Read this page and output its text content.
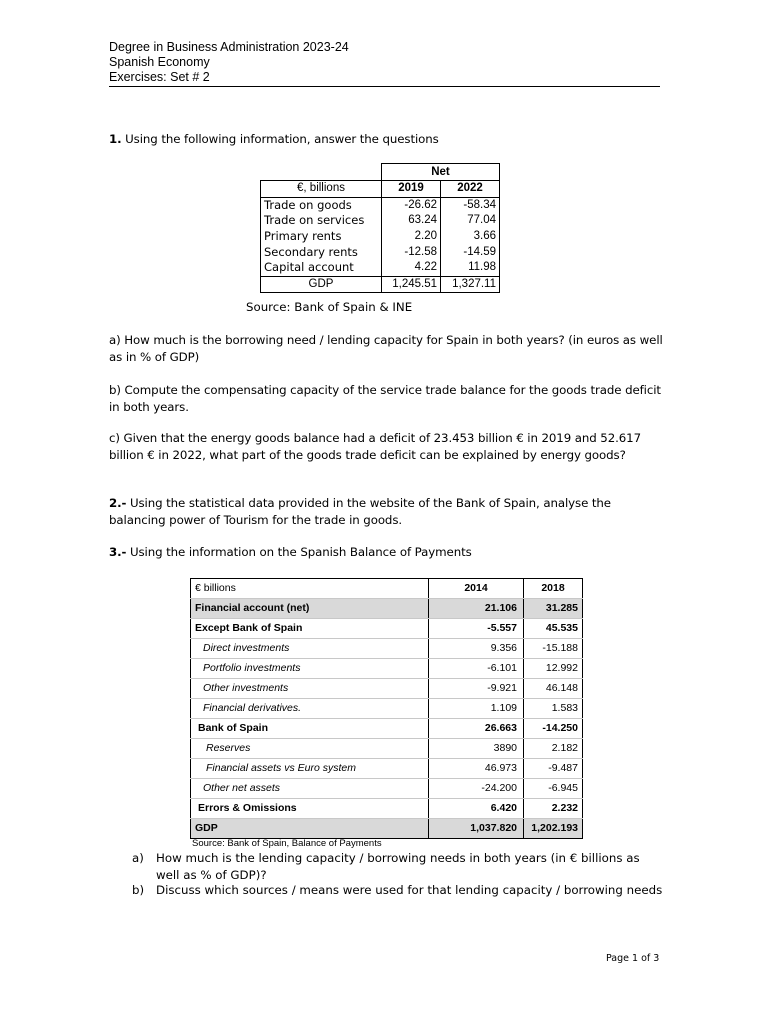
Degree in Business Administration 2023-24
Spanish Economy
Exercises: Set # 2
1. Using the following information, answer the questions
	Net	
€, billions	2019	2022
Trade on goods	-26.62	-58.34
Trade on services	63.24	77.04
Primary rents	2.20	3.66
Secondary rents	-12.58	-14.59
Capital account	4.22	11.98
GDP	1,245.51	1,327.11
Source: Bank of Spain & INE
a) How much is the borrowing need / lending capacity for Spain in both years? (in euros as well as in % of GDP)
b) Compute the compensating capacity of the service trade balance for the goods trade deficit in both years.
c) Given that the energy goods balance had a deficit of 23.453 billion € in 2019 and 52.617 billion € in 2022, what part of the goods trade deficit can be explained by energy goods?
2.- Using the statistical data provided in the website of the Bank of Spain, analyse the balancing power of Tourism for the trade in goods.
3.- Using the information on the Spanish Balance of Payments
€ billions	2014	2018
Financial account (net)	21.106	31.285
Except Bank of Spain	-5.557	45.535
Direct investments	9.356	-15.188
Portfolio investments	-6.101	12.992
Other investments	-9.921	46.148
Financial derivatives.	1.109	1.583
Bank of Spain	26.663	-14.250
Reserves	3890	2.182
Financial assets vs Euro system	46.973	-9.487
Other net assets	-24.200	-6.945
Errors & Omissions	6.420	2.232
GDP	1,037.820	1,202.193
Source: Bank of Spain, Balance of Payments
a) How much is the lending capacity / borrowing needs in both years (in € billions as well as % of GDP)?
b) Discuss which sources / means were used for that lending capacity / borrowing needs
Page 1 of 3
